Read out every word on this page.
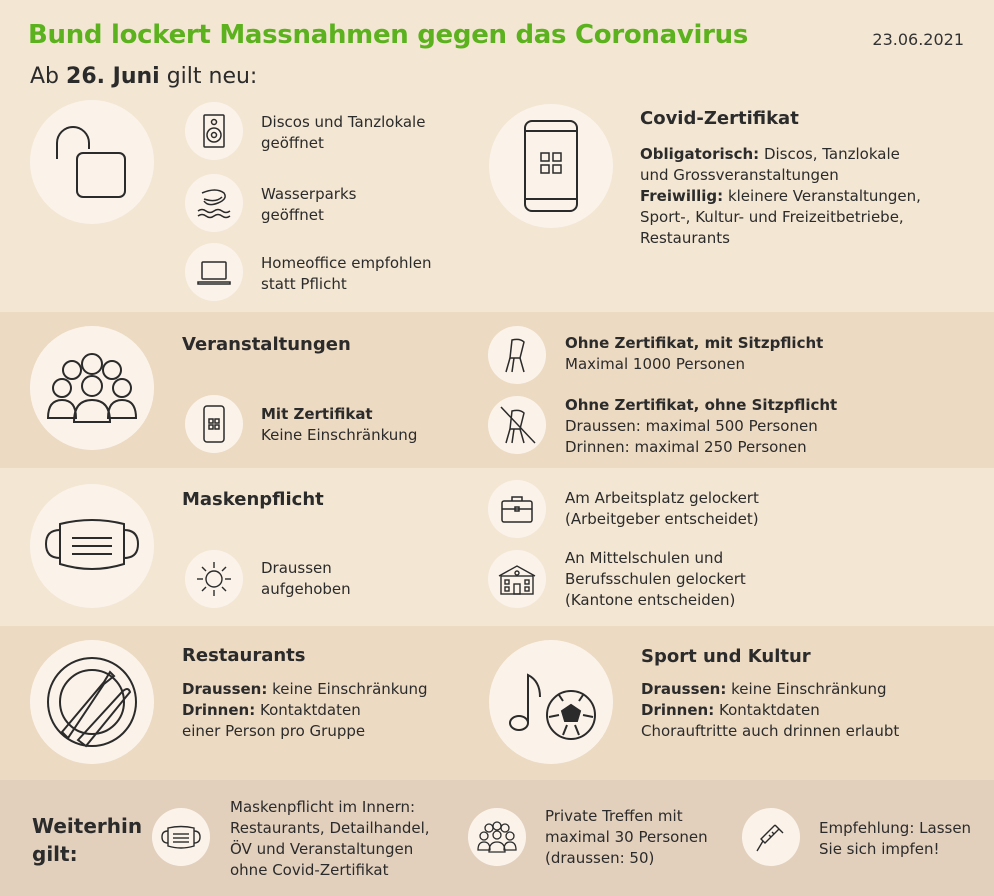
Bund lockert Massnahmen gegen das Coronavirus	23.06.2021
Ab 26. Juni gilt neu:
Discos und Tanzlokale
geöffnet
Wasserparks
geöffnet
Homeoffice empfohlen
statt Pflicht
Covid-Zertifikat
Obligatorisch: Discos, Tanzlokale
und Grossveranstaltungen
Freiwillig: kleinere Veranstaltungen,
Sport-, Kultur- und Freizeitbetriebe,
Restaurants
Veranstaltungen
Mit Zertifikat
Keine Einschränkung
Ohne Zertifikat, mit Sitzpflicht
Maximal 1000 Personen
Ohne Zertifikat, ohne Sitzpflicht
Draussen: maximal 500 Personen
Drinnen: maximal 250 Personen
Maskenpflicht
Draussen
aufgehoben
Am Arbeitsplatz gelockert
(Arbeitgeber entscheidet)
An Mittelschulen und
Berufsschulen gelockert
(Kantone entscheiden)
Restaurants
Draussen: keine Einschränkung
Drinnen: Kontaktdaten
einer Person pro Gruppe
Sport und Kultur
Draussen: keine Einschränkung
Drinnen: Kontaktdaten
Chorauftritte auch drinnen erlaubt
Weiterhin
gilt:
Maskenpflicht im Innern:
Restaurants, Detailhandel,
ÖV und Veranstaltungen
ohne Covid-Zertifikat
Private Treffen mit
maximal 30 Personen
(draussen: 50)
Empfehlung: Lassen
Sie sich impfen!
